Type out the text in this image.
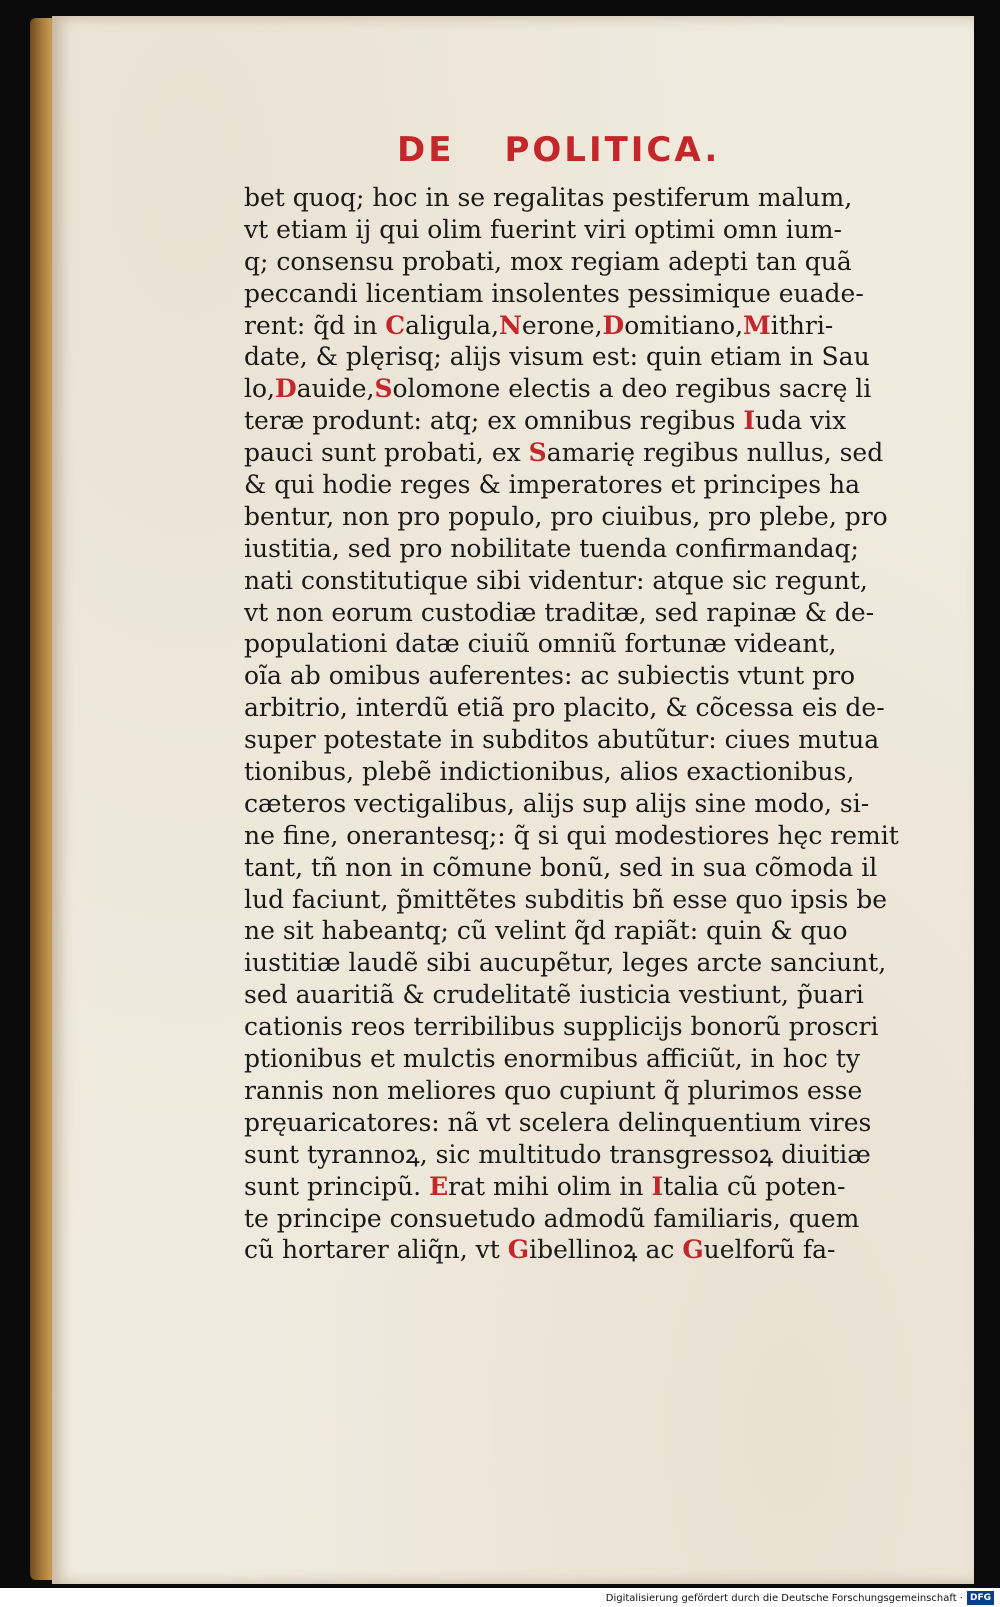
DE POLITICA.
bet quoq; hoc in se regalitas pestiferum malum,
vt etiam ij qui olim fuerint viri optimi omn ium-
q; consensu probati, mox regiam adepti tan quã
peccandi licentiam insolentes pessimique euade-
rent: q̃d in Caligula,Nerone,Domitiano,Mithri-
date, & plęrisq; alijs visum est: quin etiam in Sau
lo,Dauide,Solomone electis a deo regibus sacrę li
teræ produnt: atq; ex omnibus regibus Iuda vix
pauci sunt probati, ex Samarię regibus nullus, sed
& qui hodie reges & imperatores et principes ha
bentur, non pro populo, pro ciuibus, pro plebe, pro
iustitia, sed pro nobilitate tuenda confirmandaq;
nati constitutique sibi videntur: atque sic regunt,
vt non eorum custodiæ traditæ, sed rapinæ & de-
populationi datæ ciuiũ omniũ fortunæ videant,
oĩa ab omibus auferentes: ac subiectis vtunt pro
arbitrio, interdũ etiã pro placito, & cõcessa eis de-
super potestate in subditos abutũtur: ciues mutua
tionibus, plebẽ indictionibus, alios exactionibus,
cæteros vectigalibus, alijs sup alijs sine modo, si-
ne fine, onerantesq;: q̃ si qui modestiores hęc remit
tant, tñ non in cõmune bonũ, sed in sua cõmoda il
lud faciunt, p̃mittẽtes subditis bñ esse quo ipsis be
ne sit habeantq; cũ velint q̃d rapiãt: quin & quo
iustitiæ laudẽ sibi aucupẽtur, leges arcte sanciunt,
sed auaritiã & crudelitatẽ iusticia vestiunt, p̃uari
cationis reos terribilibus supplicijs bonorũ proscri
ptionibus et mulctis enormibus afficiũt, in hoc ty
rannis non meliores quo cupiunt q̃ plurimos esse
pręuaricatores: nã vt scelera delinquentium vires
sunt tyrannoꝝ, sic multitudo transgressoꝝ diuitiæ
sunt principũ. Erat mihi olim in Italia cũ poten-
te principe consuetudo admodũ familiaris, quem
cũ hortarer aliq̃n, vt Gibellinoꝝ ac Guelforũ fa-
Digitalisierung gefördert durch die Deutsche Forschungsgemeinschaft · DFG
